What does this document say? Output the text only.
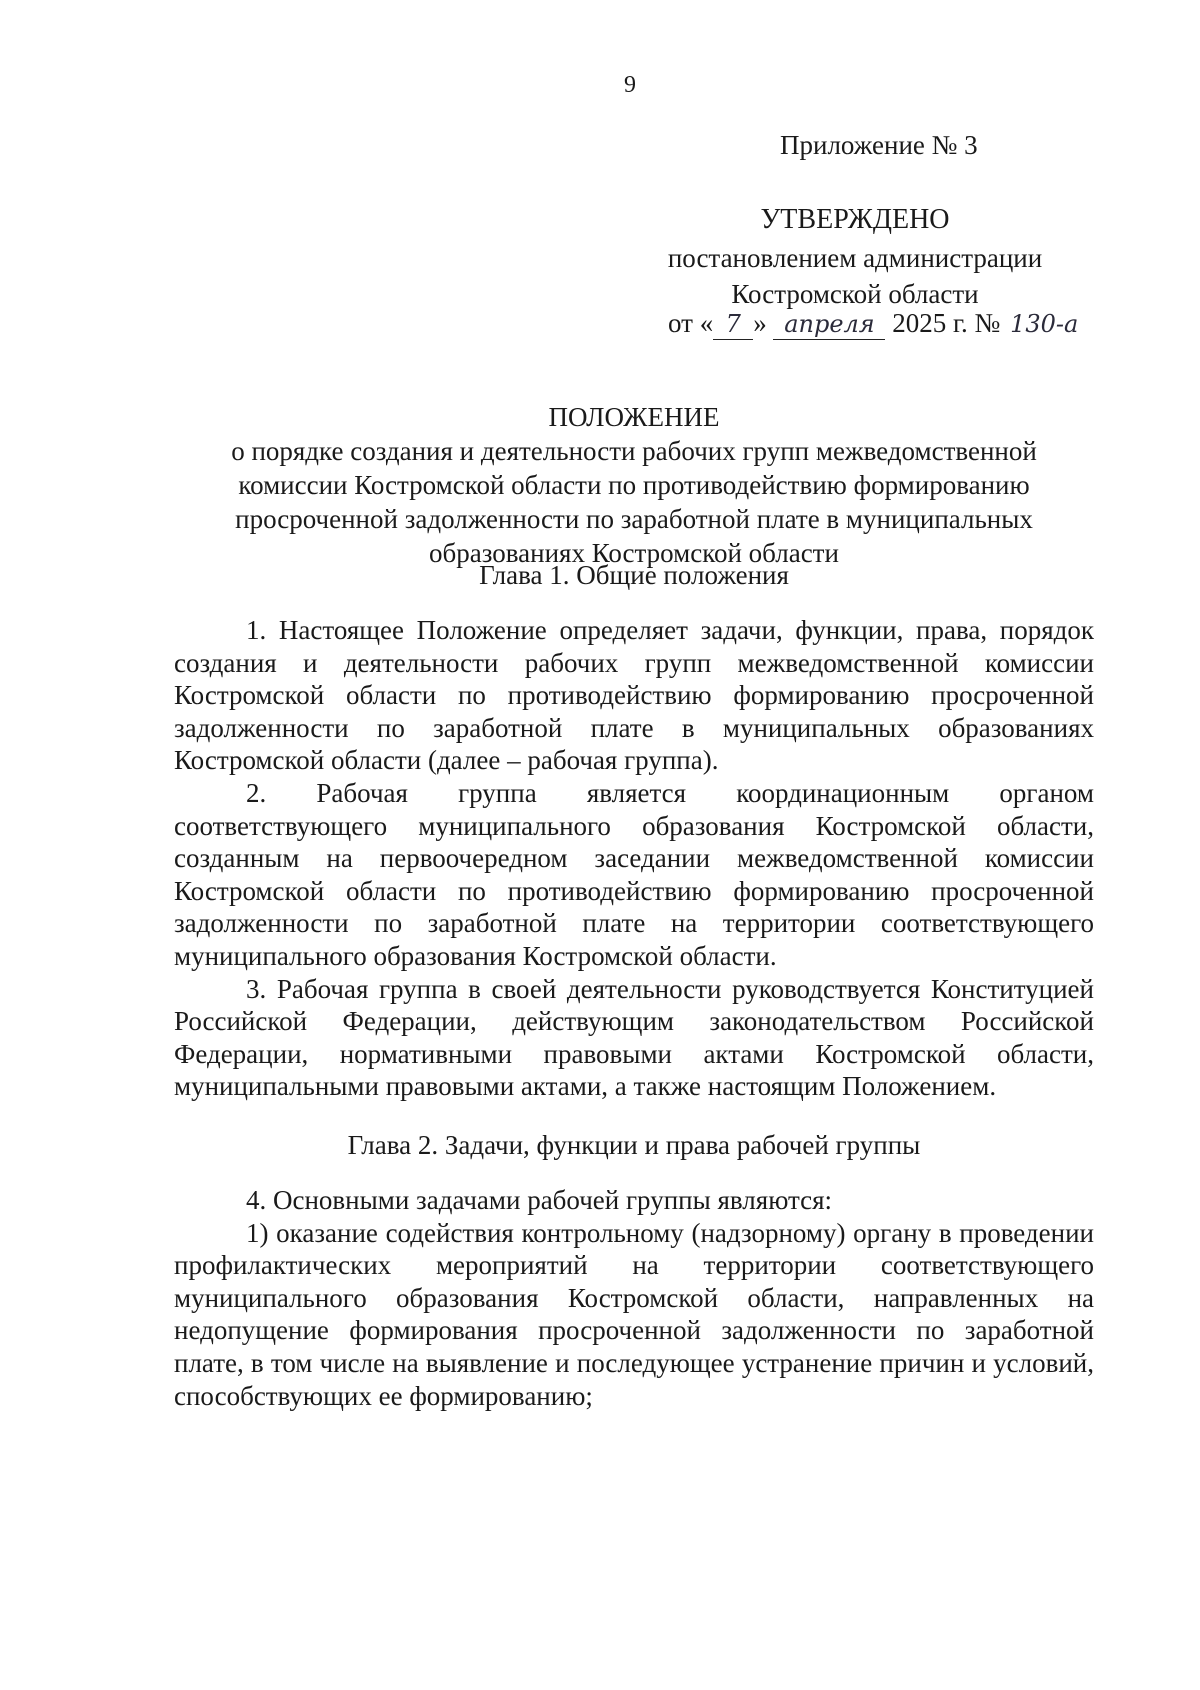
9
Приложение № 3
УТВЕРЖДЕНО
постановлением администрации
Костромской области
от « 7 » апреля 2025 г. № 130-а
ПОЛОЖЕНИЕ
о порядке создания и деятельности рабочих групп межведомственной
комиссии Костромской области по противодействию формированию
просроченной задолженности по заработной плате в муниципальных
образованиях Костромской области
Глава 1. Общие положения

1. Настоящее Положение определяет задачи, функции, права, порядок создания и деятельности рабочих групп межведомственной комиссии Костромской области по противодействию формированию просроченной задолженности по заработной плате в муниципальных образованиях Костромской области (далее – рабочая группа).

2. Рабочая группа является координационным органом соответствующего муниципального образования Костромской области, созданным на первоочередном заседании межведомственной комиссии Костромской области по противодействию формированию просроченной задолженности по заработной плате на территории соответствующего муниципального образования Костромской области.

3. Рабочая группа в своей деятельности руководствуется Конституцией Российской Федерации, действующим законодательством Российской Федерации, нормативными правовыми актами Костромской области, муниципальными правовыми актами, а также настоящим Положением.

Глава 2. Задачи, функции и права рабочей группы

4. Основными задачами рабочей группы являются:

1) оказание содействия контрольному (надзорному) органу в проведении профилактических мероприятий на территории соответствующего муниципального образования Костромской области, направленных на недопущение формирования просроченной задолженности по заработной плате, в том числе на выявление и последующее устранение причин и условий, способствующих ее формированию;
